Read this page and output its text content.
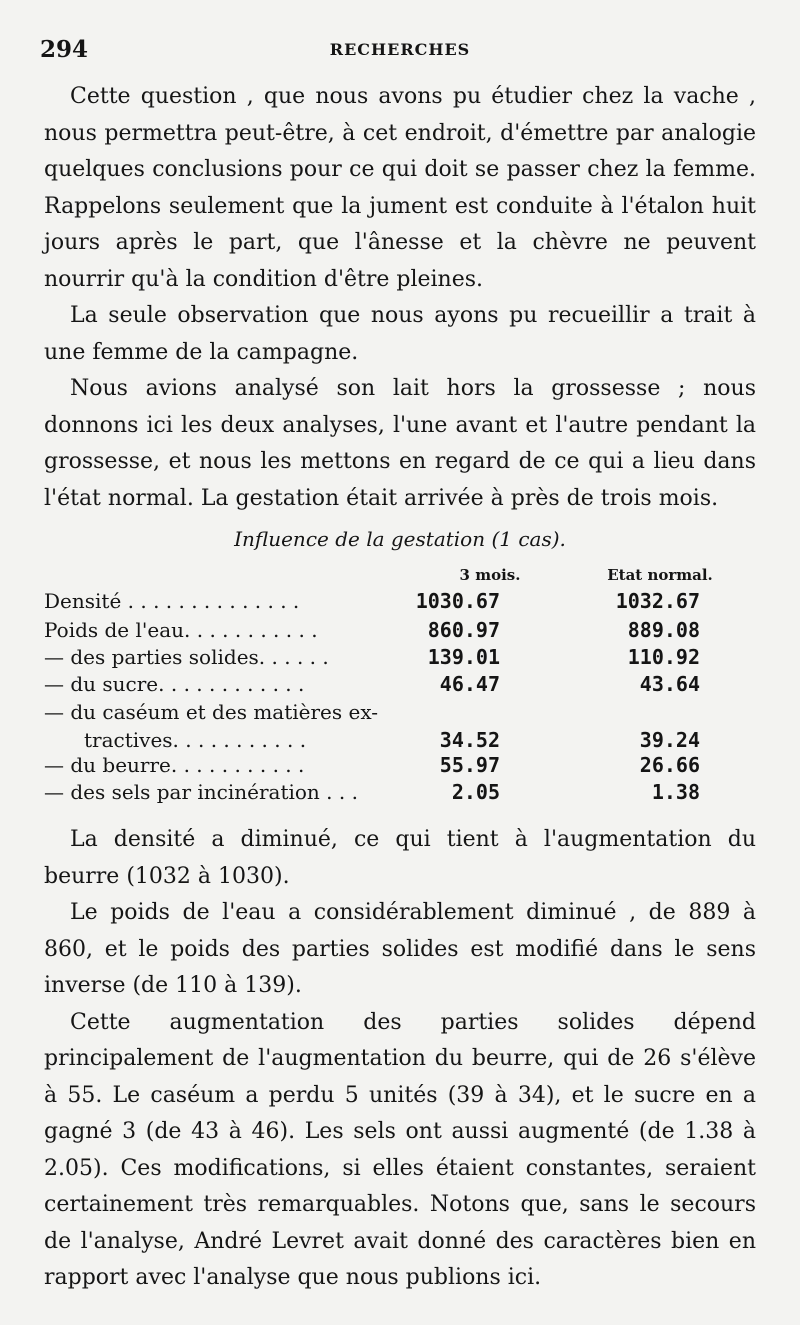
294	RECHERCHES

Cette question , que nous avons pu étudier chez la vache , nous permettra peut-être, à cet endroit, d'émettre par analogie quelques conclusions pour ce qui doit se passer chez la femme. Rappelons seulement que la jument est conduite à l'étalon huit jours après le part, que l'ânesse et la chèvre ne peuvent nourrir qu'à la condition d'être pleines.

La seule observation que nous ayons pu recueillir a trait à une femme de la campagne.

Nous avions analysé son lait hors la grossesse ; nous donnons ici les deux analyses, l'une avant et l'autre pendant la grossesse, et nous les mettons en regard de ce qui a lieu dans l'état normal. La gestation était arrivée à près de trois mois.

Influence de la gestation (1 cas).
3 mois.	Etat normal.
Densité . . . . . . . . . . . . . .	1030.67	1032.67
Poids de l'eau. . . . . . . . . . .	860.97	889.08
— des parties solides. . . . . .	139.01	110.92
— du sucre. . . . . . . . . . . .	46.47	43.64
— du caséum et des matières ex-
tractives. . . . . . . . . . .	34.52	39.24
— du beurre. . . . . . . . . . .	55.97	26.66
— des sels par incinération . . .	2.05	1.38

La densité a diminué, ce qui tient à l'augmentation du beurre (1032 à 1030).

Le poids de l'eau a considérablement diminué , de 889 à 860, et le poids des parties solides est modifié dans le sens inverse (de 110 à 139).

Cette augmentation des parties solides dépend principalement de l'augmentation du beurre, qui de 26 s'élève à 55. Le caséum a perdu 5 unités (39 à 34), et le sucre en a gagné 3 (de 43 à 46). Les sels ont aussi augmenté (de 1.38 à 2.05). Ces modifications, si elles étaient constantes, seraient certainement très remarquables. Notons que, sans le secours de l'analyse, André Levret avait donné des caractères bien en rapport avec l'analyse que nous publions ici.
